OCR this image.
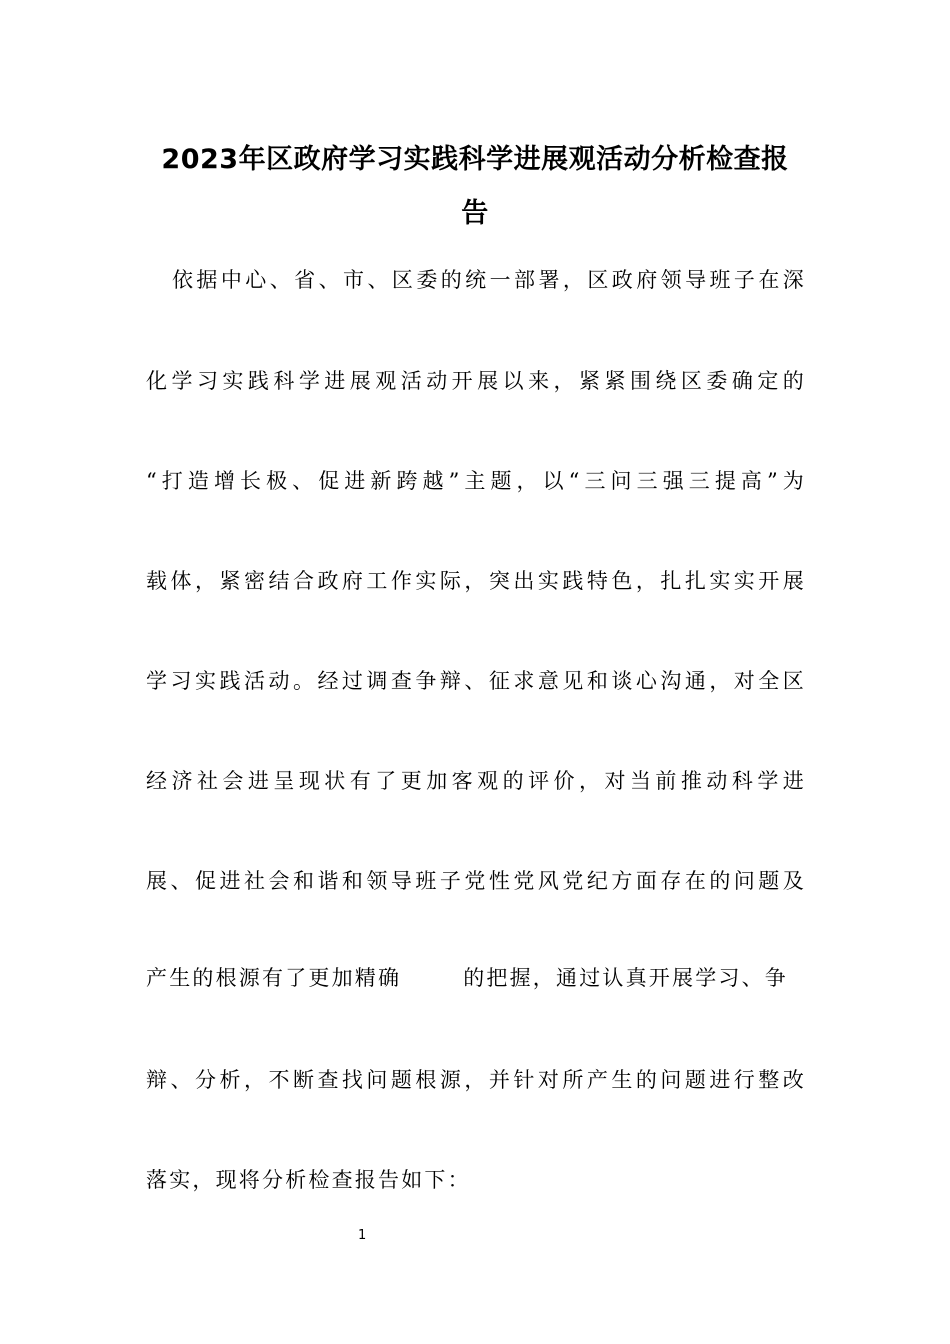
2023年区政府学习实践科学进展观活动分析检查报
告
依据中心、省、市、区委的统一部署，区政府领导班子在深
化学习实践科学进展观活动开展以来，紧紧围绕区委确定的
“打造增长极、促进新跨越”主题，以“三问三强三提高”为
载体，紧密结合政府工作实际，突出实践特色，扎扎实实开展
学习实践活动。经过调查争辩、征求意见和谈心沟通，对全区
经济社会进呈现状有了更加客观的评价，对当前推动科学进
展、促进社会和谐和领导班子党性党风党纪方面存在的问题及
产生的根源有了更加精确	的把握，通过认真开展学习、争
辩、分析，不断查找问题根源，并针对所产生的问题进行整改
落实，现将分析检查报告如下：
1
